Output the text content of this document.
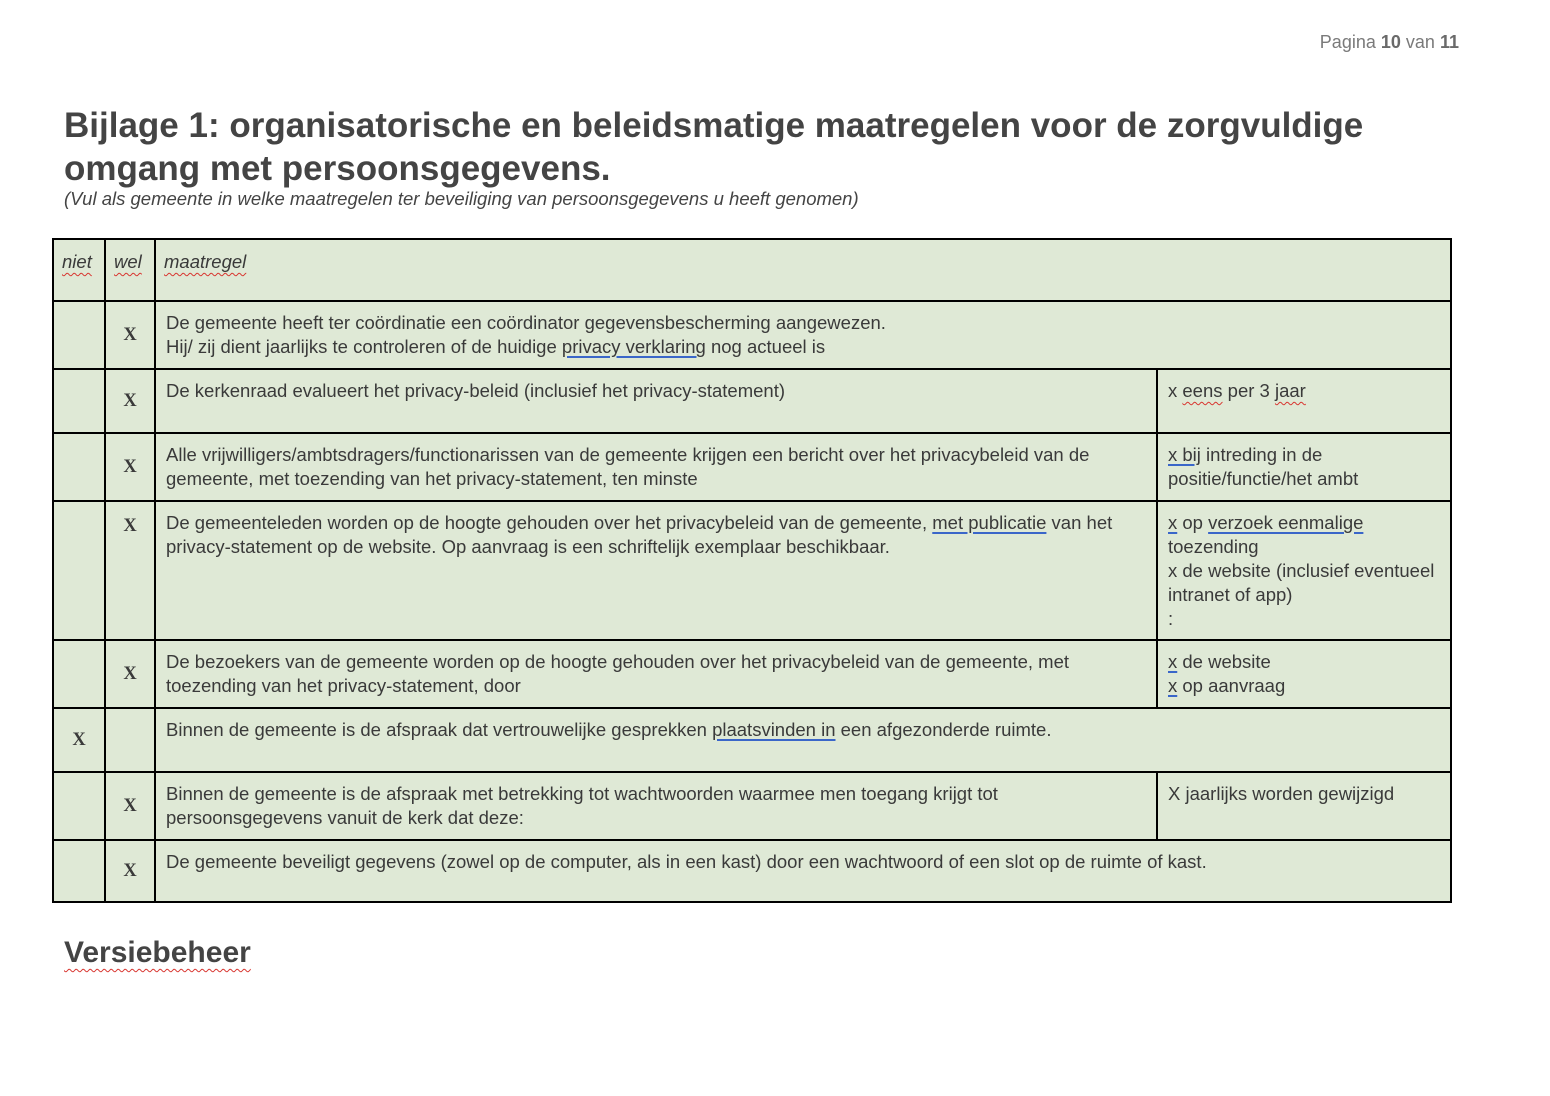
Pagina 10 van 11
Bijlage 1: organisatorische en beleidsmatige maatregelen voor de zorgvuldige omgang met persoonsgegevens.
(Vul als gemeente in welke maatregelen ter beveiliging van persoonsgegevens u heeft genomen)
niet	wel	maatregel	
	X	De gemeente heeft ter coördinatie een coördinator gegevensbescherming aangewezen.
Hij/ zij dient jaarlijks te controleren of de huidige privacy verklaring nog actueel is	

	X	De kerkenraad evalueert het privacy-beleid (inclusief het privacy-statement)	x eens per 3 jaar
	X	Alle vrijwilligers/ambtsdragers/functionarissen van de gemeente krijgen een bericht over het privacybeleid van de gemeente, met toezending van het privacy-statement, ten minste	x bij intreding in de positie/functie/het ambt
	X	De gemeenteleden worden op de hoogte gehouden over het privacybeleid van de gemeente, met publicatie van het privacy-statement op de website. Op aanvraag is een schriftelijk exemplaar beschikbaar.	x op verzoek eenmalige toezending
x de website (inclusief eventueel intranet of app)
:

	X	De bezoekers van de gemeente worden op de hoogte gehouden over het privacybeleid van de gemeente, met toezending van het privacy-statement, door	x de website
x op aanvraag

X		Binnen de gemeente is de afspraak dat vertrouwelijke gesprekken plaatsvinden in een afgezonderde ruimte.	
	X	Binnen de gemeente is de afspraak met betrekking tot wachtwoorden waarmee men toegang krijgt tot persoonsgegevens vanuit de kerk dat deze:	X jaarlijks worden gewijzigd
	X	De gemeente beveiligt gegevens (zowel op de computer, als in een kast) door een wachtwoord of een slot op de ruimte of kast.	
Versiebeheer
